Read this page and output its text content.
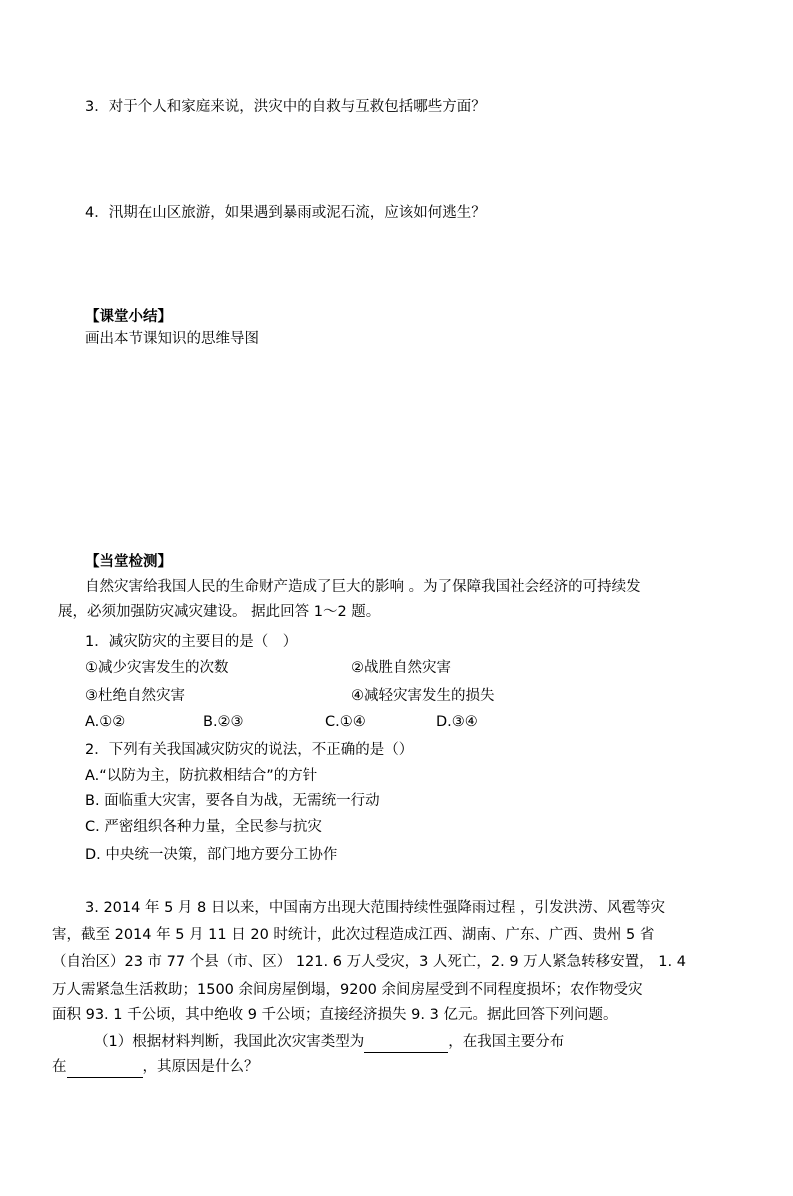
3．对于个人和家庭来说，洪灾中的自救与互救包括哪些方面？
4．汛期在山区旅游，如果遇到暴雨或泥石流，应该如何逃生？
【课堂小结】
画出本节课知识的思维导图
【当堂检测】
自然灾害给我国人民的生命财产造成了巨大的影响 。为了保障我国社会经济的可持续发
展，必须加强防灾减灾建设。 据此回答 1～2 题。
1．减灾防灾的主要目的是（　）
①减少灾害发生的次数	②战胜自然灾害
③杜绝自然灾害	④减轻灾害发生的损失
A.①②	B.②③	C.①④	D.③④
2．下列有关我国减灾防灾的说法，不正确的是（）
A.“以防为主，防抗救相结合”的方针
B. 面临重大灾害，要各自为战，无需统一行动
C. 严密组织各种力量，全民参与抗灾
D. 中央统一决策，部门地方要分工协作
3. 2014 年 5 月 8 日以来，中国南方出现大范围持续性强降雨过程 ，引发洪涝、风雹等灾
害，截至 2014 年 5 月 11 日 20 时统计，此次过程造成江西、湖南、广东、广西、贵州 5 省
（自治区）23 市 77 个县（市、区） 121. 6 万人受灾，3 人死亡，2. 9 万人紧急转移安置， 1. 4
万人需紧急生活救助；1500 余间房屋倒塌，9200 余间房屋受到不同程度损坏；农作物受灾
面积 93. 1 千公顷，其中绝收 9 千公顷；直接经济损失 9. 3 亿元。据此回答下列问题。
（1）根据材料判断，我国此次灾害类型为	，在我国主要分布
在	，其原因是什么？
